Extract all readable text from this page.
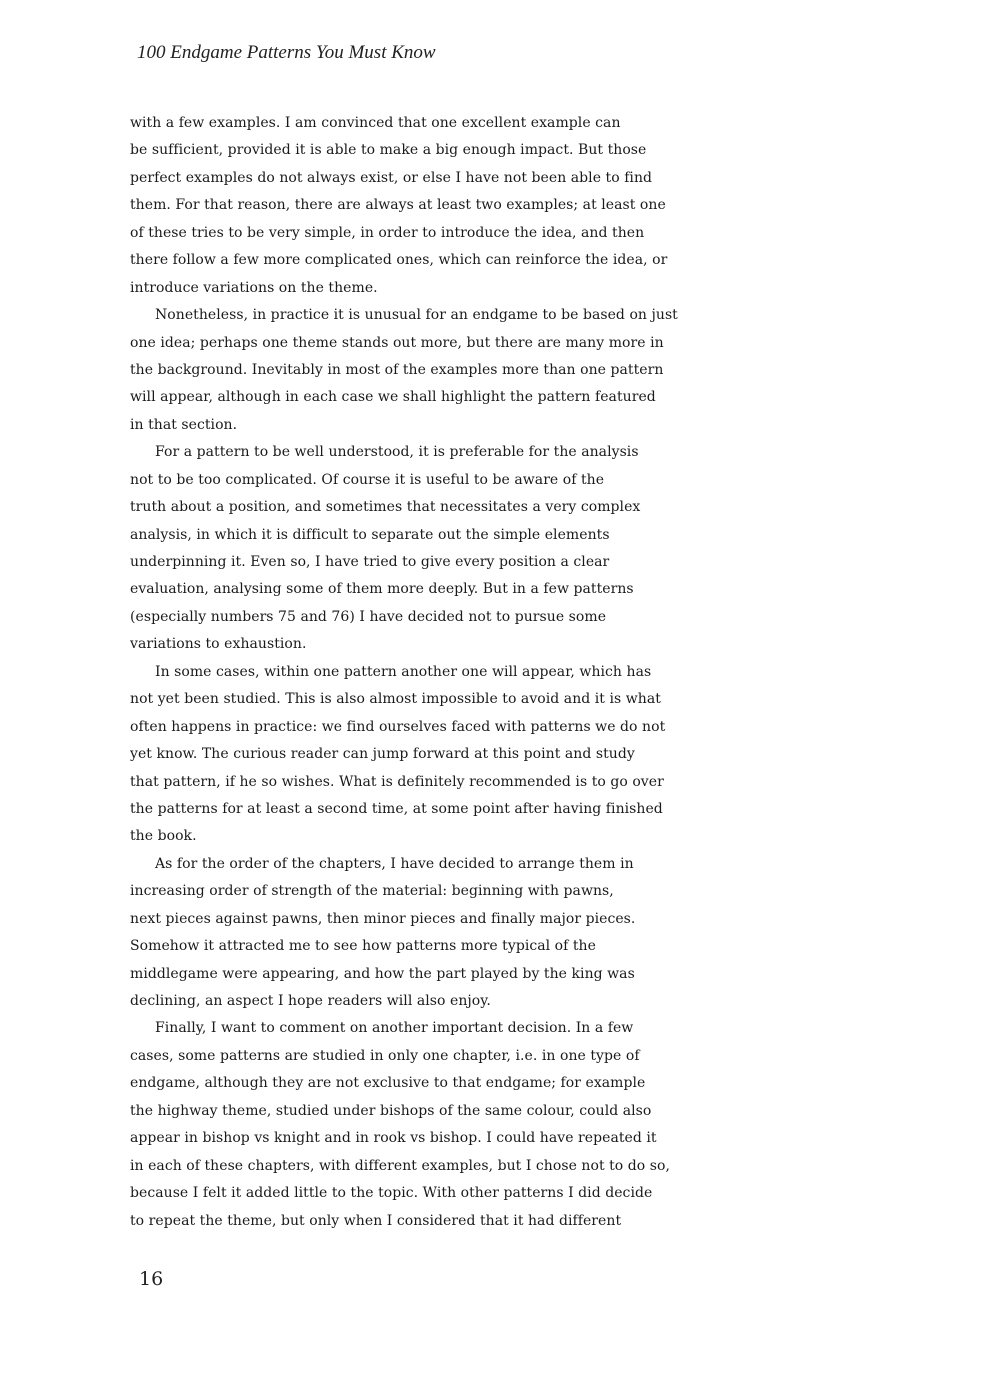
100 Endgame Patterns You Must Know
with a few examples. I am convinced that one excellent example can
be sufficient, provided it is able to make a big enough impact. But those
perfect examples do not always exist, or else I have not been able to find
them. For that reason, there are always at least two examples; at least one
of these tries to be very simple, in order to introduce the idea, and then
there follow a few more complicated ones, which can reinforce the idea, or
introduce variations on the theme.
Nonetheless, in practice it is unusual for an endgame to be based on just
one idea; perhaps one theme stands out more, but there are many more in
the background. Inevitably in most of the examples more than one pattern
will appear, although in each case we shall highlight the pattern featured
in that section.
For a pattern to be well understood, it is preferable for the analysis
not to be too complicated. Of course it is useful to be aware of the
truth about a position, and sometimes that necessitates a very complex
analysis, in which it is difficult to separate out the simple elements
underpinning it. Even so, I have tried to give every position a clear
evaluation, analysing some of them more deeply. But in a few patterns
(especially numbers 75 and 76) I have decided not to pursue some
variations to exhaustion.
In some cases, within one pattern another one will appear, which has
not yet been studied. This is also almost impossible to avoid and it is what
often happens in practice: we find ourselves faced with patterns we do not
yet know. The curious reader can jump forward at this point and study
that pattern, if he so wishes. What is definitely recommended is to go over
the patterns for at least a second time, at some point after having finished
the book.
As for the order of the chapters, I have decided to arrange them in
increasing order of strength of the material: beginning with pawns,
next pieces against pawns, then minor pieces and finally major pieces.
Somehow it attracted me to see how patterns more typical of the
middlegame were appearing, and how the part played by the king was
declining, an aspect I hope readers will also enjoy.
Finally, I want to comment on another important decision. In a few
cases, some patterns are studied in only one chapter, i.e. in one type of
endgame, although they are not exclusive to that endgame; for example
the highway theme, studied under bishops of the same colour, could also
appear in bishop vs knight and in rook vs bishop. I could have repeated it
in each of these chapters, with different examples, but I chose not to do so,
because I felt it added little to the topic. With other patterns I did decide
to repeat the theme, but only when I considered that it had different
16
